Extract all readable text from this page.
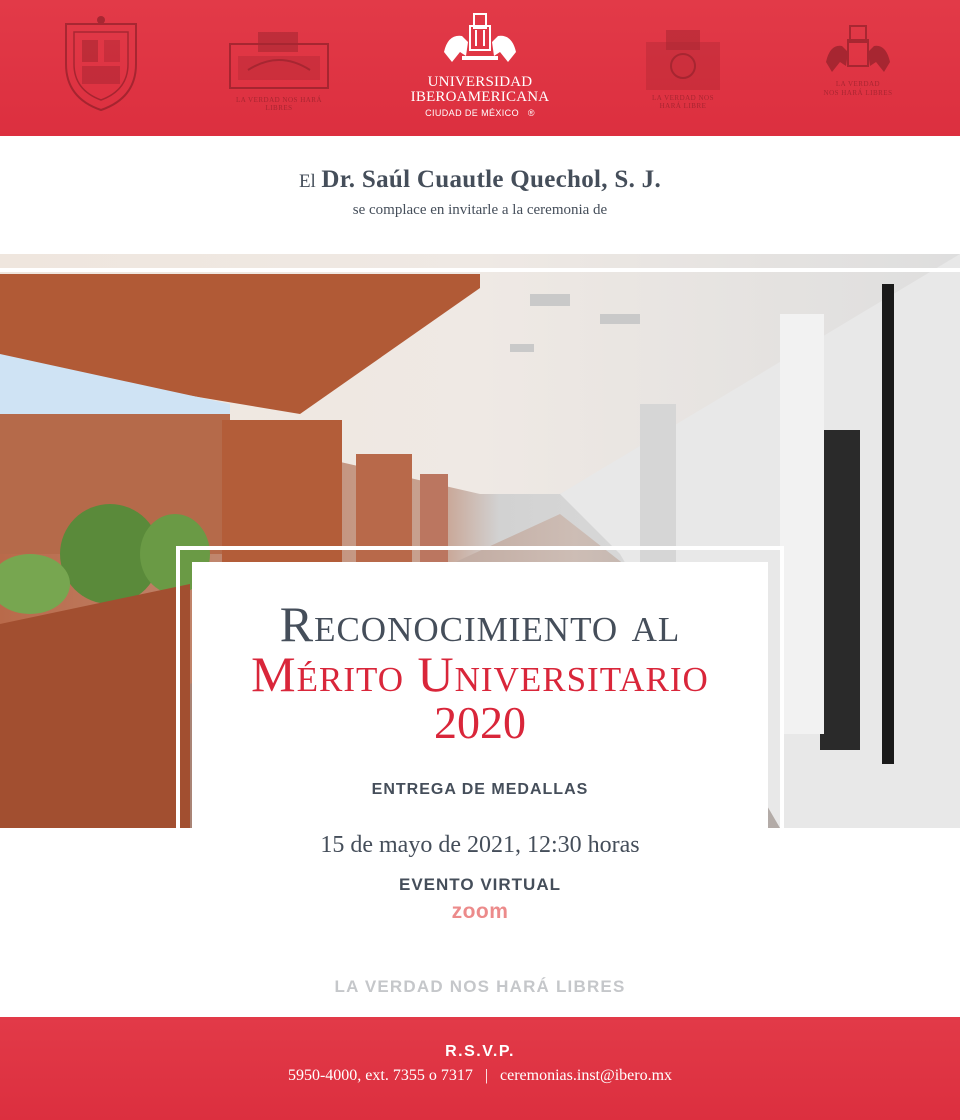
LA VERDAD NOS HARÁ LIBRES
UNIVERSIDAD
IBEROAMERICANA
CIUDAD DE MÉXICO ®
LA VERDAD NOS HARÁ LIBRE
LA VERDAD
NOS HARÁ LIBRES
El Dr. Saúl Cuautle Quechol, S. J.
se complace en invitarle a la ceremonia de
Reconocimiento al
Mérito Universitario
2020
ENTREGA DE MEDALLAS
15 de mayo de 2021, 12:30 horas
EVENTO VIRTUAL
zoom
LA VERDAD NOS HARÁ LIBRES
R.S.V.P.
5950-4000, ext. 7355 o 7317 | ceremonias.inst@ibero.mx
